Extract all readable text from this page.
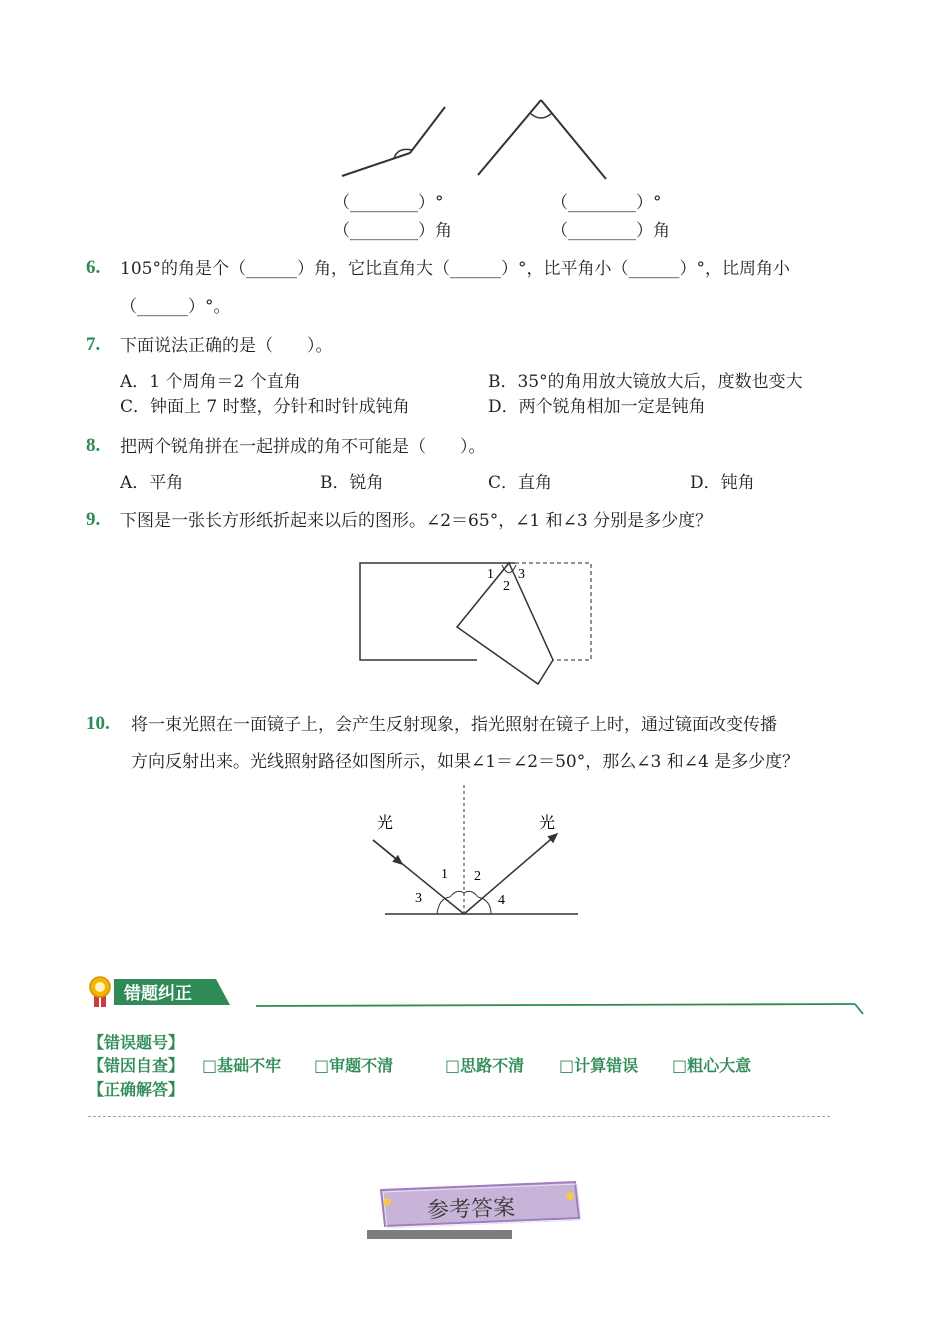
（________）°
（________）角
（________）°
（________）角
6. 105°的角是个（______）角，它比直角大（______）°，比平角小（______）°，比周角小
（______）°。
7. 下面说法正确的是（　　）。
A．1 个周角＝2 个直角	B．35°的角用放大镜放大后，度数也变大
C．钟面上 7 时整，分针和时针成钝角	D．两个锐角相加一定是钝角
8. 把两个锐角拼在一起拼成的角不可能是（　　）。
A．平角	B．锐角	C．直角	D．钝角
9. 下图是一张长方形纸折起来以后的图形。∠2＝65°，∠1 和∠3 分别是多少度？
1
2
3
10. 将一束光照在一面镜子上，会产生反射现象，指光照射在镜子上时，通过镜面改变传播
方向反射出来。光线照射路径如图所示，如果∠1＝∠2＝50°，那么∠3 和∠4 是多少度？
光	光
1 2
3	4
错题纠正
【错误题号】
【错因自查】 □基础不牢 □审题不清	□思路不清 □计算错误 □粗心大意
【正确解答】
参考答案
